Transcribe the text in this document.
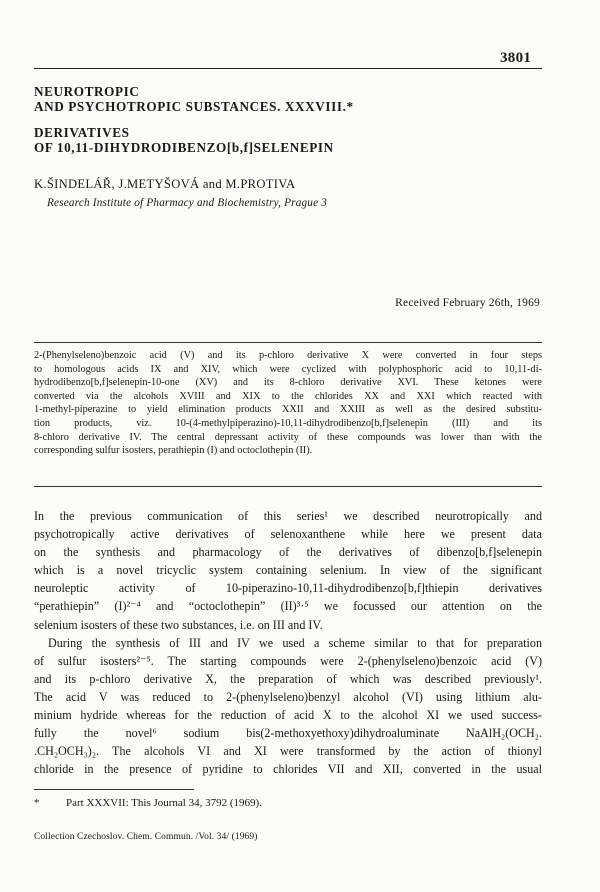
3801
NEUROTROPIC
AND PSYCHOTROPIC SUBSTANCES. XXXVIII.*
DERIVATIVES
OF 10,11-DIHYDRODIBENZO[b,f]SELENEPIN
K.ŠINDELÁŘ, J.METYŠOVÁ and M.PROTIVA
Research Institute of Pharmacy and Biochemistry, Prague 3
Received February 26th, 1969
2-(Phenylseleno)benzoic acid (V) and its p-chloro derivative X were converted in four steps
to homologous acids IX and XIV, which were cyclized with polyphosphoric acid to 10,11-di-
hydrodibenzo[b,f]selenepin-10-one (XV) and its 8-chloro derivative XVI. These ketones were
converted via the alcohols XVIII and XIX to the chlorides XX and XXI which reacted with
1-methyl-piperazine to yield elimination products XXII and XXIII as well as the desired substitu-
tion products, viz. 10-(4-methylpiperazino)-10,11-dihydrodibenzo[b,f]selenepin (III) and its
8-chloro derivative IV. The central depressant activity of these compounds was lower than with the
corresponding sulfur isosters, perathiepin (I) and octoclothepin (II).
In the previous communication of this series¹ we described neurotropically and
psychotropically active derivatives of selenoxanthene while here we present data
on the synthesis and pharmacology of the derivatives of dibenzo[b,f]selenepin
which is a novel tricyclic system containing selenium. In view of the significant
neuroleptic activity of 10-piperazino-10,11-dihydrodibenzo[b,f]thiepin derivatives
“perathiepin” (I)²⁻⁴ and “octoclothepin” (II)³·⁵ we focussed our attention on the
selenium isosters of these two substances, i.e. on III and IV.
During the synthesis of III and IV we used a scheme similar to that for preparation
of sulfur isosters²⁻⁵. The starting compounds were 2-(phenylseleno)benzoic acid (V)
and its p-chloro derivative X, the preparation of which was described previously¹.
The acid V was reduced to 2-(phenylseleno)benzyl alcohol (VI) using lithium alu-
minium hydride whereas for the reduction of acid X to the alcohol XI we used success-
fully the novel⁶ sodium bis(2-methoxyethoxy)dihydroaluminate NaAlH₂(OCH₂.
.CH₂OCH₃)₂. The alcohols VI and XI were transformed by the action of thionyl
chloride in the presence of pyridine to chlorides VII and XII, converted in the usual
* Part XXXVII: This Journal 34, 3792 (1969).
Collection Czechoslov. Chem. Commun. /Vol. 34/ (1969)
